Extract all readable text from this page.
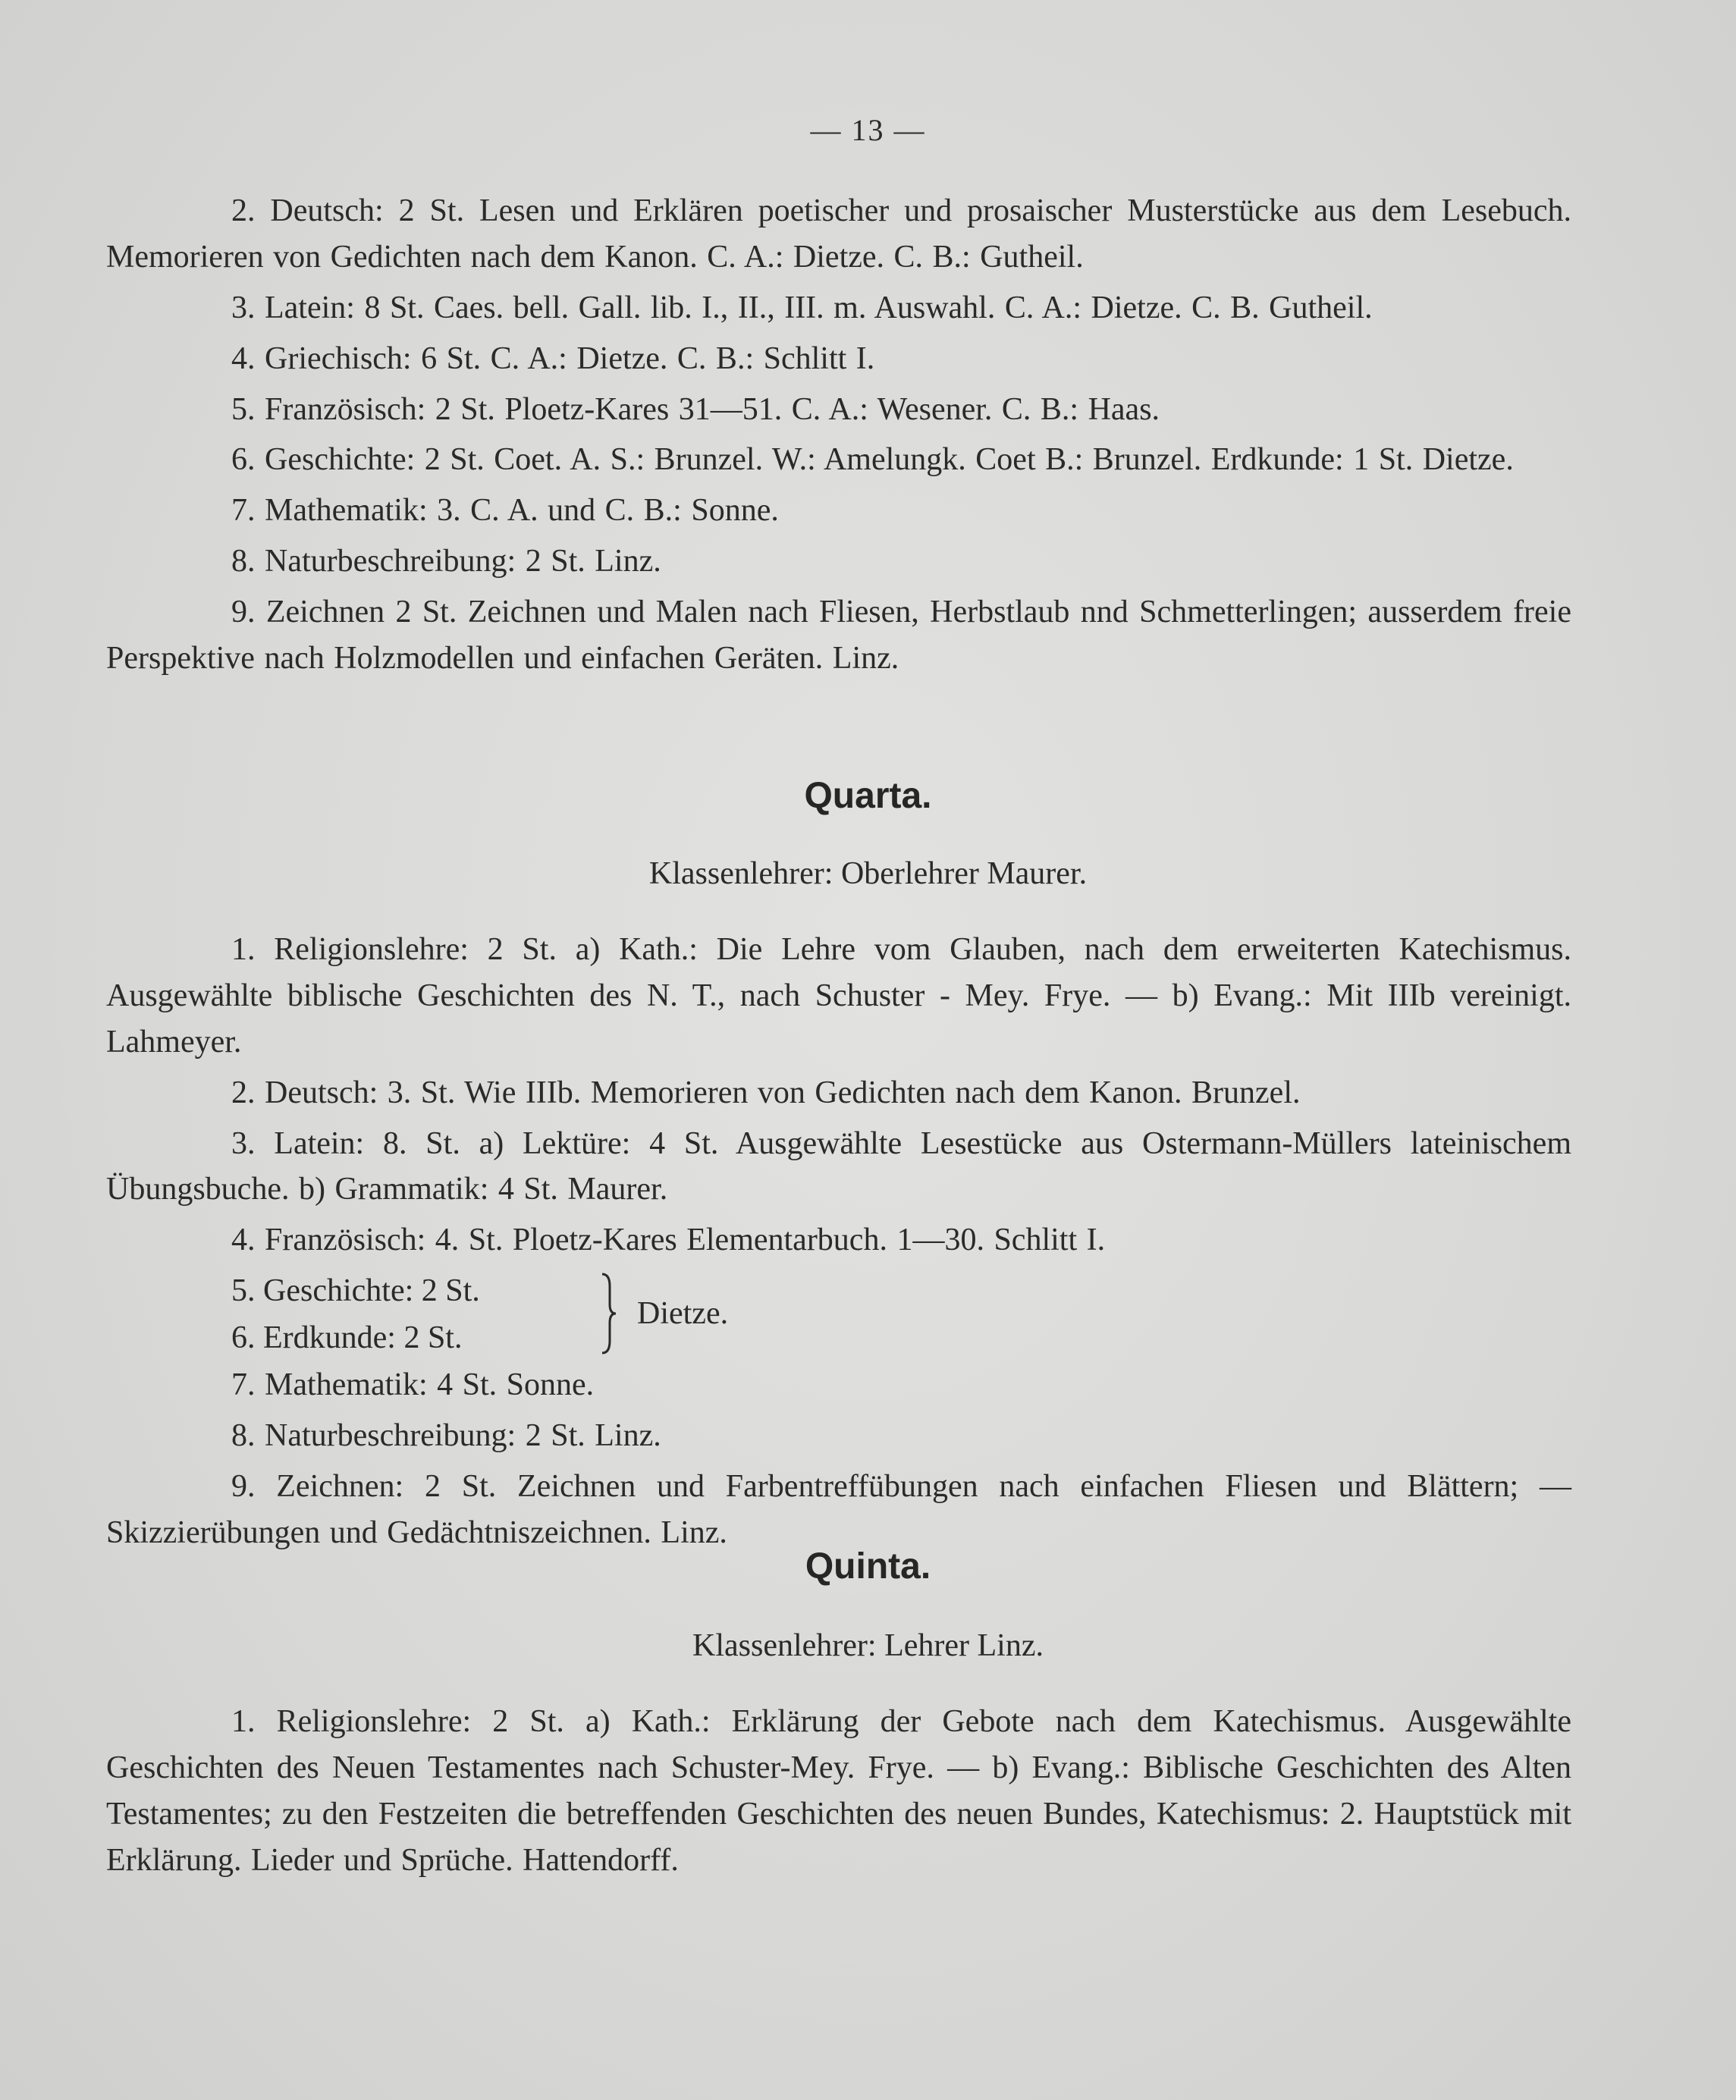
— 13 —

2. Deutsch: 2 St. Lesen und Erklären poetischer und prosaischer Musterstücke aus dem Lesebuch. Memorieren von Gedichten nach dem Kanon. C. A.: Dietze. C. B.: Gutheil.

3. Latein: 8 St. Caes. bell. Gall. lib. I., II., III. m. Auswahl. C. A.: Dietze. C. B. Gutheil.

4. Griechisch: 6 St. C. A.: Dietze. C. B.: Schlitt I.

5. Französisch: 2 St. Ploetz-Kares 31—51. C. A.: Wesener. C. B.: Haas.

6. Geschichte: 2 St. Coet. A. S.: Brunzel. W.: Amelungk. Coet B.: Brunzel. Erdkunde: 1 St. Dietze.

7. Mathematik: 3. C. A. und C. B.: Sonne.

8. Naturbeschreibung: 2 St. Linz.

9. Zeichnen 2 St. Zeichnen und Malen nach Fliesen, Herbstlaub nnd Schmetterlingen; ausserdem freie Perspektive nach Holzmodellen und einfachen Geräten. Linz.

Quarta.
Klassenlehrer: Oberlehrer Maurer.

1. Religionslehre: 2 St. a) Kath.: Die Lehre vom Glauben, nach dem erweiterten Katechismus. Ausgewählte biblische Geschichten des N. T., nach Schuster - Mey. Frye. — b) Evang.: Mit IIIb vereinigt. Lahmeyer.

2. Deutsch: 3. St. Wie IIIb. Memorieren von Gedichten nach dem Kanon. Brunzel.

3. Latein: 8. St. a) Lektüre: 4 St. Ausgewählte Lesestücke aus Ostermann-Müllers lateinischem Übungsbuche. b) Grammatik: 4 St. Maurer.

4. Französisch: 4. St. Ploetz-Kares Elementarbuch. 1—30. Schlitt I.

5. Geschichte: 2 St.
6. Erdkunde: 2 St.
Dietze.

7. Mathematik: 4 St. Sonne.

8. Naturbeschreibung: 2 St. Linz.

9. Zeichnen: 2 St. Zeichnen und Farbentreffübungen nach einfachen Fliesen und Blättern; — Skizzierübungen und Gedächtniszeichnen. Linz.

Quinta.
Klassenlehrer: Lehrer Linz.

1. Religionslehre: 2 St. a) Kath.: Erklärung der Gebote nach dem Katechismus. Ausgewählte Geschichten des Neuen Testamentes nach Schuster-Mey. Frye. — b) Evang.: Biblische Geschichten des Alten Testamentes; zu den Festzeiten die betreffenden Geschichten des neuen Bundes, Katechismus: 2. Hauptstück mit Erklärung. Lieder und Sprüche. Hattendorff.
